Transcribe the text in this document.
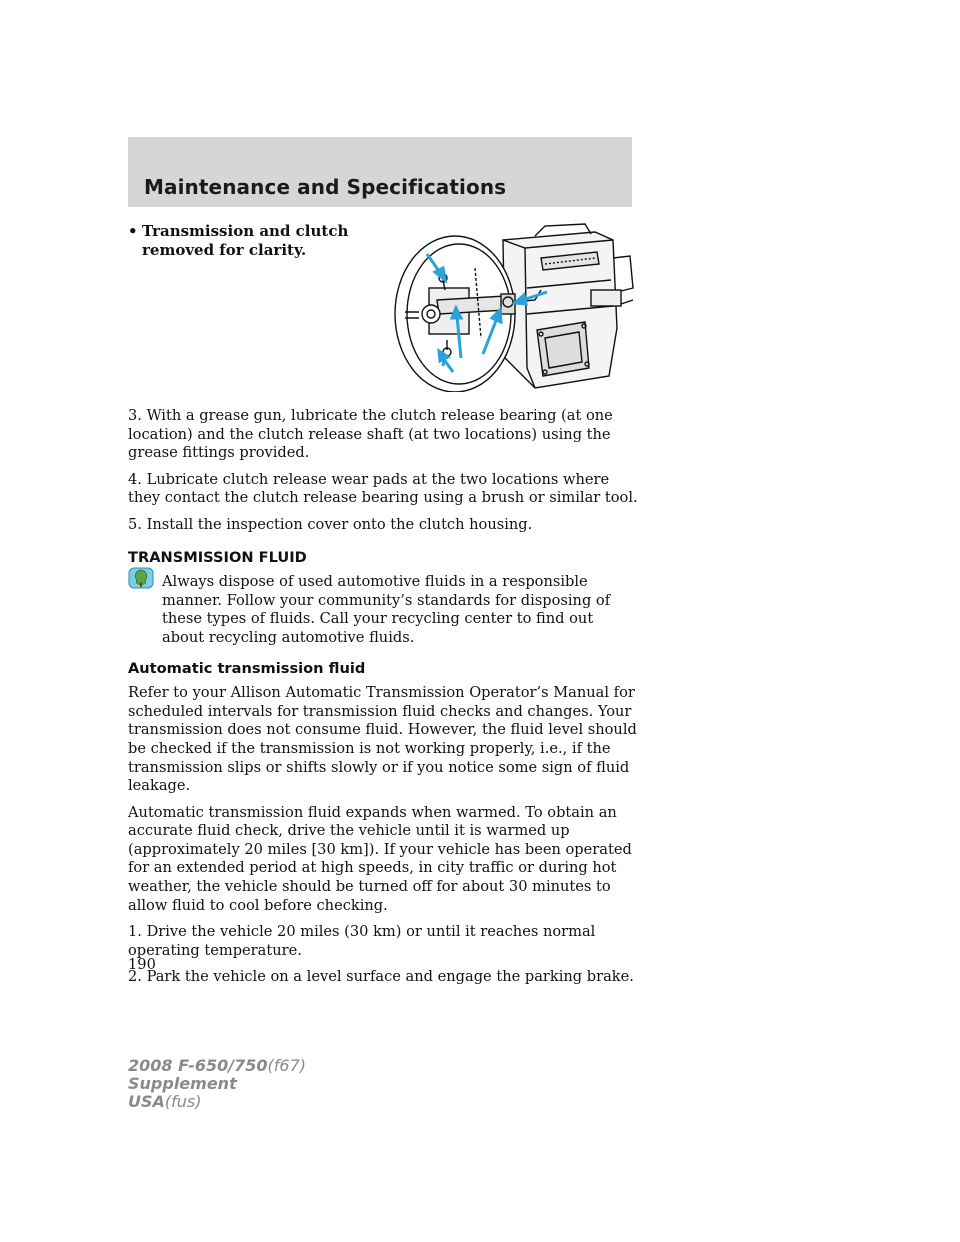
Maintenance and Specifications
• Transmission and clutch removed for clarity.

3. With a grease gun, lubricate the clutch release bearing (at one location) and the clutch release shaft (at two locations) using the grease fittings provided.

4. Lubricate clutch release wear pads at the two locations where they contact the clutch release bearing using a brush or similar tool.

5. Install the inspection cover onto the clutch housing.

TRANSMISSION FLUID

Always dispose of used automotive fluids in a responsible manner. Follow your community’s standards for disposing of these types of fluids. Call your recycling center to find out about recycling automotive fluids.

Automatic transmission fluid

Refer to your Allison Automatic Transmission Operator’s Manual for scheduled intervals for transmission fluid checks and changes. Your transmission does not consume fluid. However, the fluid level should be checked if the transmission is not working properly, i.e., if the transmission slips or shifts slowly or if you notice some sign of fluid leakage.

Automatic transmission fluid expands when warmed. To obtain an accurate fluid check, drive the vehicle until it is warmed up (approximately 20 miles [30 km]). If your vehicle has been operated for an extended period at high speeds, in city traffic or during hot weather, the vehicle should be turned off for about 30 minutes to allow fluid to cool before checking.

1. Drive the vehicle 20 miles (30 km) or until it reaches normal operating temperature.

2. Park the vehicle on a level surface and engage the parking brake.

190
2008 F-650/750(f67)
Supplement
USA(fus)
